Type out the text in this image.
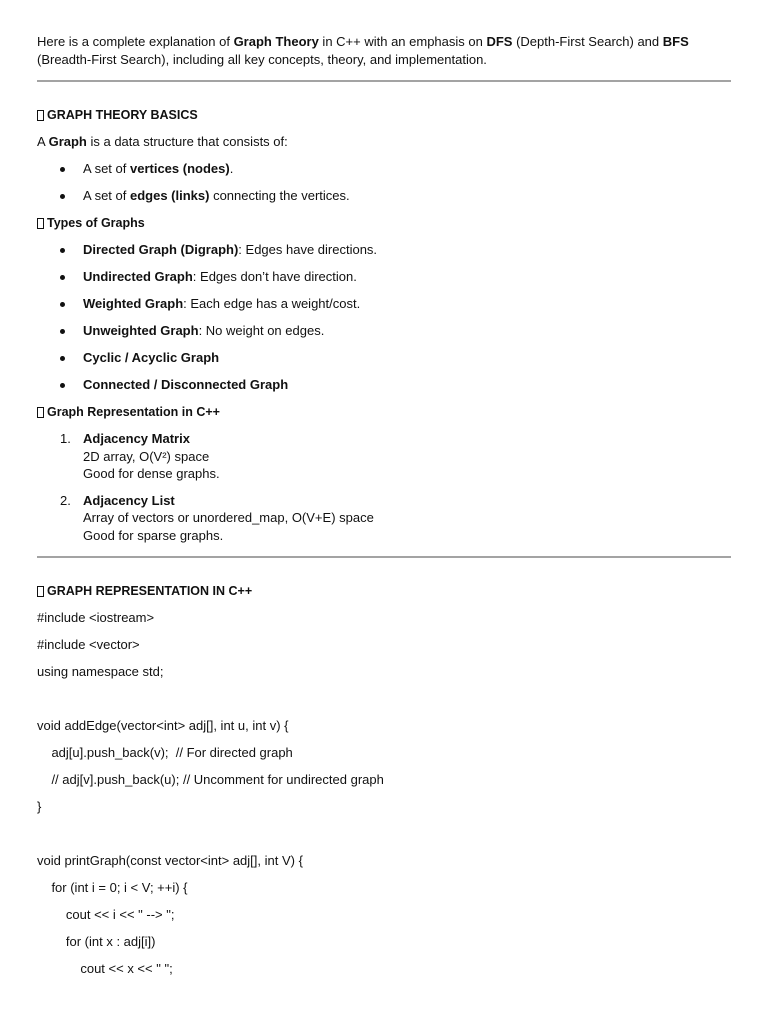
Here is a complete explanation of Graph Theory in C++ with an emphasis on DFS (Depth-First Search) and BFS (Breadth-First Search), including all key concepts, theory, and implementation.

GRAPH THEORY BASICS

A Graph is a data structure that consists of:

A set of vertices (nodes).
A set of edges (links) connecting the vertices.
Types of Graphs
Directed Graph (Digraph): Edges have directions.
Undirected Graph: Edges don’t have direction.
Weighted Graph: Each edge has a weight/cost.
Unweighted Graph: No weight on edges.
Cyclic / Acyclic Graph
Connected / Disconnected Graph
Graph Representation in C++
1. Adjacency Matrix
2D array, O(V²) space
Good for dense graphs.
2. Adjacency List
Array of vectors or unordered_map, O(V+E) space
Good for sparse graphs.
GRAPH REPRESENTATION IN C++
#include <iostream>
#include <vector>
using namespace std;
void addEdge(vector<int> adj[], int u, int v) {
adj[u].push_back(v);  // For directed graph
// adj[v].push_back(u); // Uncomment for undirected graph
}
void printGraph(const vector<int> adj[], int V) {
for (int i = 0; i < V; ++i) {
cout << i << " --> ";
for (int x : adj[i])
cout << x << " ";
